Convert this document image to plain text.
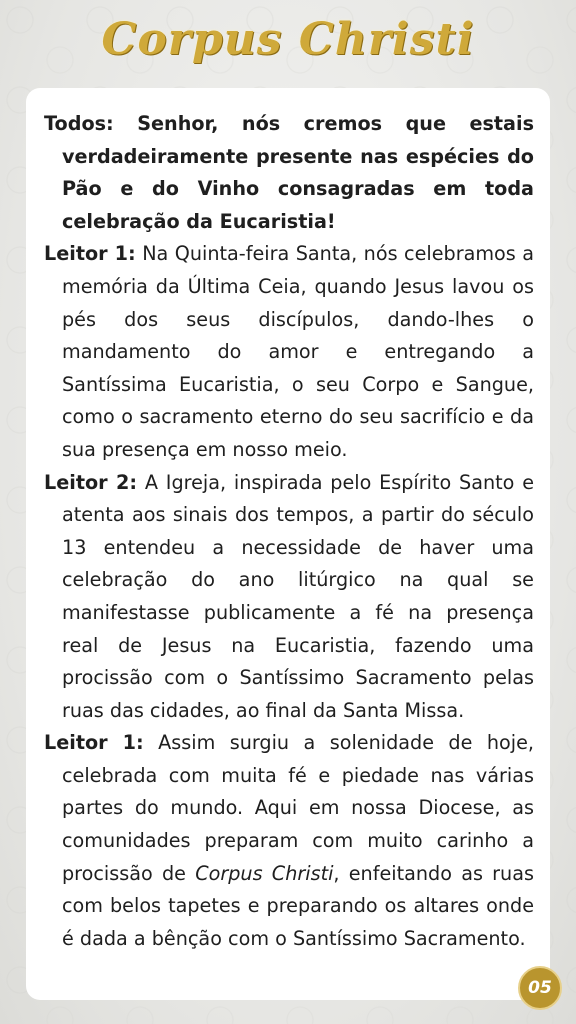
Corpus Christi

Todos: Senhor, nós cremos que estais verdadeiramente presente nas espécies do Pão e do Vinho consagradas em toda celebração da Eucaristia!

Leitor 1: Na Quinta-feira Santa, nós celebramos a memória da Última Ceia, quando Jesus lavou os pés dos seus discípulos, dando-lhes o mandamento do amor e entregando a Santíssima Eucaristia, o seu Corpo e Sangue, como o sacramento eterno do seu sacrifício e da sua presença em nosso meio.

Leitor 2: A Igreja, inspirada pelo Espírito Santo e atenta aos sinais dos tempos, a partir do século 13 entendeu a necessidade de haver uma celebração do ano litúrgico na qual se manifestasse publicamente a fé na presença real de Jesus na Eucaristia, fazendo uma procissão com o Santíssimo Sacramento pelas ruas das cidades, ao final da Santa Missa.

Leitor 1: Assim surgiu a solenidade de hoje, celebrada com muita fé e piedade nas várias partes do mundo. Aqui em nossa Diocese, as comunidades preparam com muito carinho a procissão de Corpus Christi, enfeitando as ruas com belos tapetes e preparando os altares onde é dada a bênção com o Santíssimo Sacramento.

05
